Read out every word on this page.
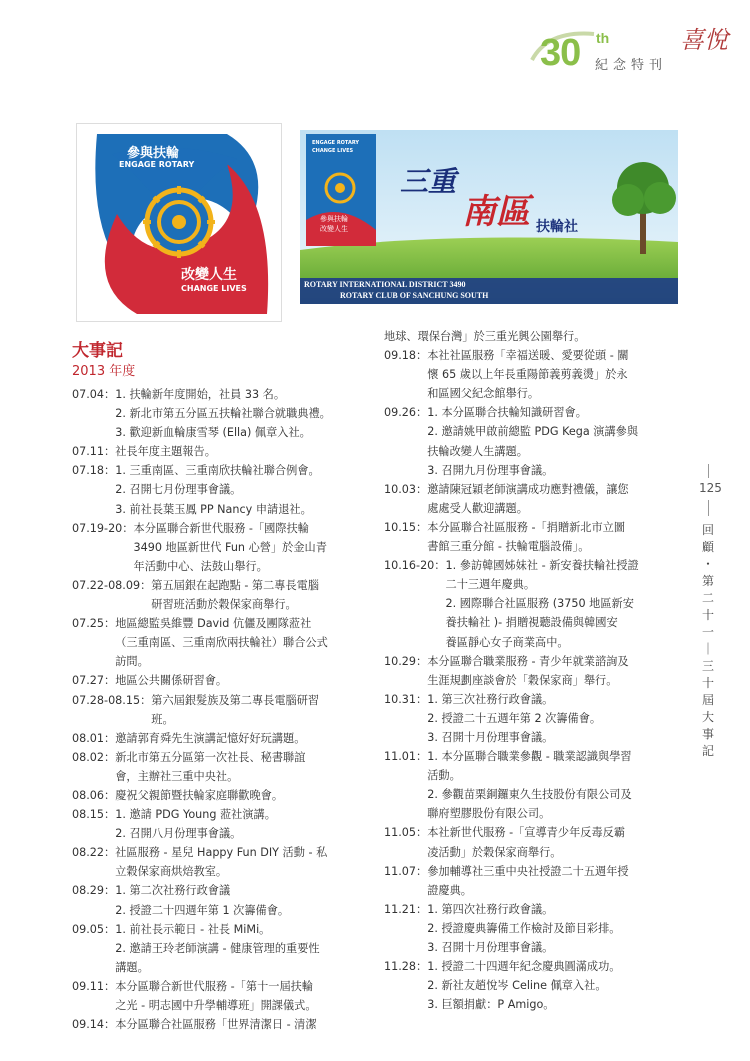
30 th
紀念特刊
喜悅
參與扶輪
ENGAGE ROTARY
改變人生
CHANGE LIVES
ENGAGE ROTARY
CHANGE LIVES
參與扶輪
改變人生
三重
南區 扶輪社
ROTARY INTERNATIONAL DISTRICT 3490
ROTARY CLUB OF SANCHUNG SOUTH
大事記
2013 年度
07.04： 1. 扶輪新年度開始，社員 33 名。
2. 新北市第五分區五扶輪社聯合就職典禮。
3. 歡迎新血輪康雪琴 (Ella) 佩章入社。
07.11： 社長年度主題報告。
07.18： 1. 三重南區、三重南欣扶輪社聯合例會。
2. 召開七月份理事會議。
3. 前社長葉玉鳳 PP Nancy 申請退社。
07.19-20： 本分區聯合新世代服務 -「國際扶輪
3490 地區新世代 Fun 心營」於金山青
年活動中心、法鼓山舉行。
07.22-08.09： 第五屆銀在起跑點 - 第二專長電腦
研習班活動於穀保家商舉行。
07.25： 地區總監吳維豐 David 伉儷及團隊蒞社
（三重南區、三重南欣兩扶輪社）聯合公式
訪問。
07.27： 地區公共關係研習會。
07.28-08.15： 第六屆銀髮族及第二專長電腦研習
班。
08.01： 邀請郭育舜先生演講記憶好好玩講題。
08.02： 新北市第五分區第一次社長、秘書聯誼
會，主辦社三重中央社。
08.06： 慶祝父親節暨扶輪家庭聯歡晚會。
08.15： 1. 邀請 PDG Young 蒞社演講。
2. 召開八月份理事會議。
08.22： 社區服務 - 星兒 Happy Fun DIY 活動 - 私
立穀保家商烘焙教室。
08.29： 1. 第二次社務行政會議
2. 授證二十四週年第 1 次籌備會。
09.05： 1. 前社長示範日 - 社長 MiMi。
2. 邀請王玲老師演講 - 健康管理的重要性
講題。
09.11： 本分區聯合新世代服務 -「第十一屆扶輪
之光 - 明志國中升學輔導班」開課儀式。
09.14： 本分區聯合社區服務「世界清潔日 - 清潔
地球、環保台灣」於三重光興公園舉行。
09.18： 本社社區服務「幸福送暖、愛要從頭 - 關
懷 65 歲以上年長重陽節義剪義燙」於永
和區國父紀念館舉行。
09.26： 1. 本分區聯合扶輪知識研習會。
2. 邀請姚甲啟前總監 PDG Kega 演講參與
扶輪改變人生講題。
3. 召開九月份理事會議。
10.03： 邀請陳冠穎老師演講成功應對禮儀，讓您
處處受人歡迎講題。
10.15： 本分區聯合社區服務 -「捐贈新北市立圖
書館三重分館 - 扶輪電腦設備」。
10.16-20： 1. 參訪韓國姊妹社 - 新安養扶輪社授證
二十三週年慶典。
2. 國際聯合社區服務 (3750 地區新安
養扶輪社 )- 捐贈視聽設備與韓國安
養區靜心女子商業高中。
10.29： 本分區聯合職業服務 - 青少年就業諮詢及
生涯規劃座談會於「穀保家商」舉行。
10.31： 1. 第三次社務行政會議。
2. 授證二十五週年第 2 次籌備會。
3. 召開十月份理事會議。
11.01： 1. 本分區聯合職業參觀 - 職業認識與學習
活動。
2. 參觀苗栗銅鑼東久生技股份有限公司及
聯府塑膠股份有限公司。
11.05： 本社新世代服務 -「宣導青少年反毒反霸
凌活動」於穀保家商舉行。
11.07： 參加輔導社三重中央社授證二十五週年授
證慶典。
11.21： 1. 第四次社務行政會議。
2. 授證慶典籌備工作檢討及節目彩排。
3. 召開十月份理事會議。
11.28： 1. 授證二十四週年紀念慶典圓滿成功。
2. 新社友趙悅岑 Celine 佩章入社。
3. 巨額捐獻：P Amigo。
125
回
顧
・
第
二
十
一
｜
三
十
屆
大
事
記
